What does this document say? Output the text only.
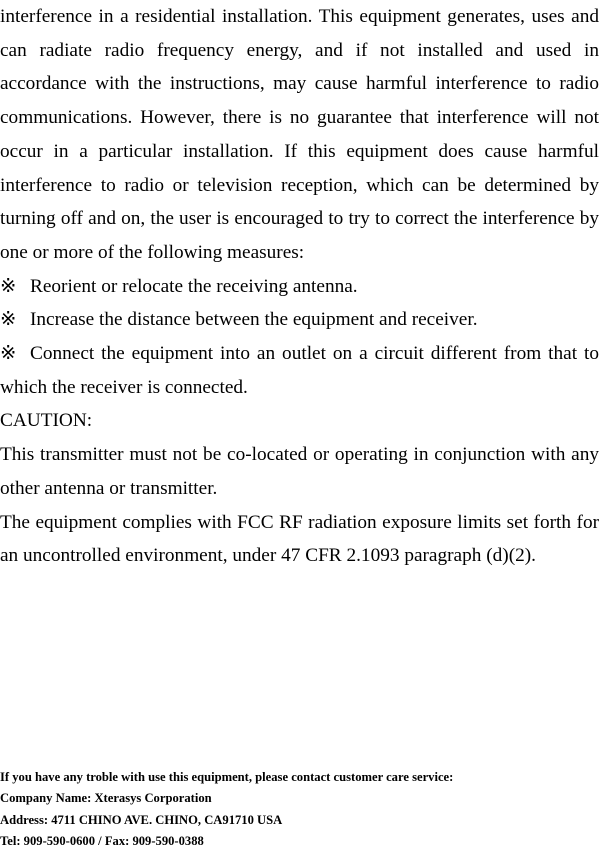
interference in a residential installation. This equipment generates, uses and can radiate radio frequency energy, and if not installed and used in accordance with the instructions, may cause harmful interference to radio communications. However, there is no guarantee that interference will not occur in a particular installation. If this equipment does cause harmful interference to radio or television reception, which can be determined by turning off and on, the user is encouraged to try to correct the interference by one or more of the following measures:

※ Reorient or relocate the receiving antenna.

※ Increase the distance between the equipment and receiver.

※ Connect the equipment into an outlet on a circuit different from that to which the receiver is connected.

CAUTION:

This transmitter must not be co-located or operating in conjunction with any other antenna or transmitter.

The equipment complies with FCC RF radiation exposure limits set forth for an uncontrolled environment, under 47 CFR 2.1093 paragraph (d)(2).

If you have any troble with use this equipment, please contact customer care service:

Company Name: Xterasys Corporation

Address: 4711 CHINO AVE. CHINO, CA91710 USA

Tel: 909-590-0600 / Fax: 909-590-0388
